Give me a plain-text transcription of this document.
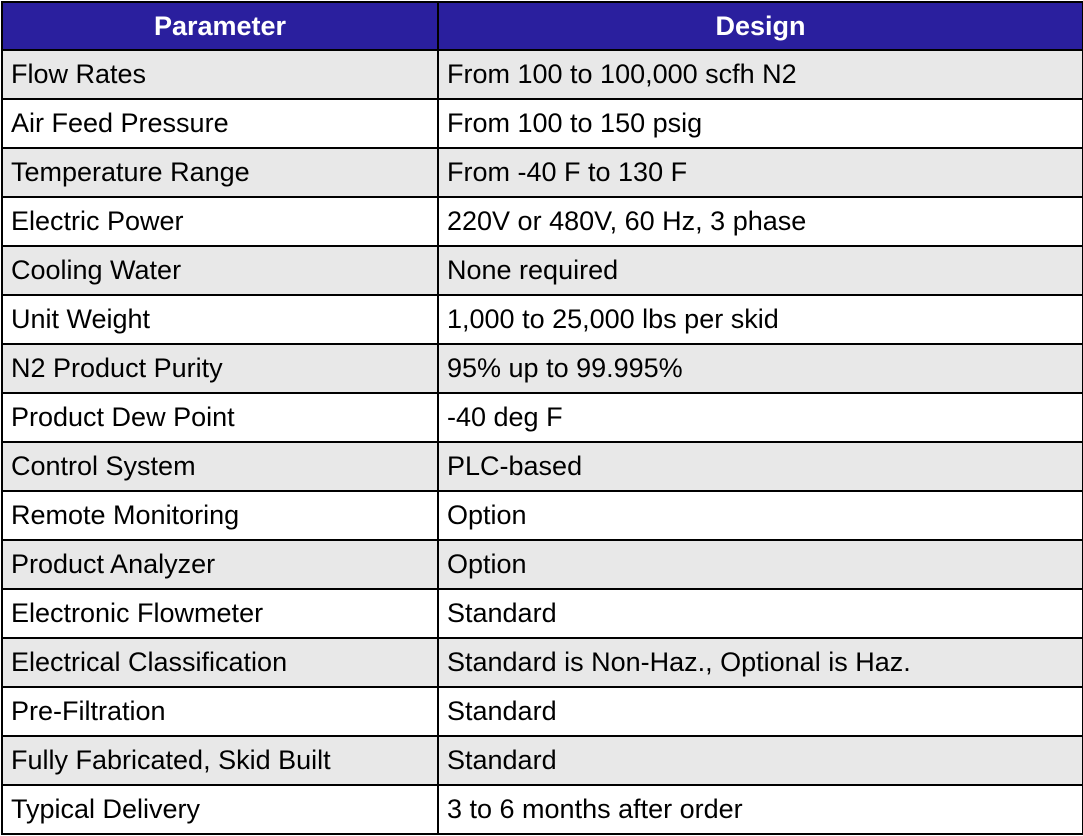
Parameter	Design
Flow Rates	From 100 to 100,000 scfh N2
Air Feed Pressure	From 100 to 150 psig
Temperature Range	From -40 F to 130 F
Electric Power	220V or 480V, 60 Hz, 3 phase
Cooling Water	None required
Unit Weight	1,000 to 25,000 lbs per skid
N2 Product Purity	95% up to 99.995%
Product Dew Point	-40 deg F
Control System	PLC-based
Remote Monitoring	Option
Product Analyzer	Option
Electronic Flowmeter	Standard
Electrical Classification	Standard is Non-Haz., Optional is Haz.
Pre-Filtration	Standard
Fully Fabricated, Skid Built	Standard
Typical Delivery	3 to 6 months after order
